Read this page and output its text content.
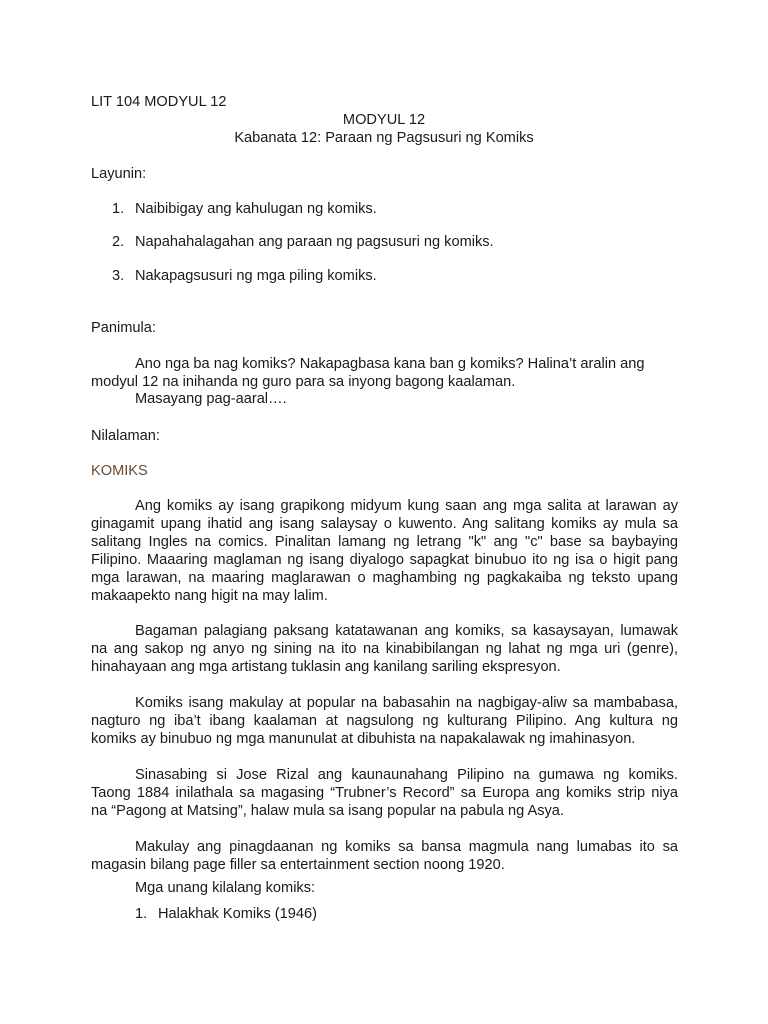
LIT 104 MODYUL 12
MODYUL 12
Kabanata 12: Paraan ng Pagsusuri ng Komiks
Layunin:
1. Naibibigay ang kahulugan ng komiks.
2. Napahahalagahan ang paraan ng pagsusuri ng komiks.
3. Nakapagsusuri ng mga piling komiks.
Panimula:
Ano nga ba nag komiks? Nakapagbasa kana ban g komiks? Halina’t aralin ang
modyul 12 na inihanda ng guro para sa inyong bagong kaalaman.
Masayang pag-aaral….
Nilalaman:
KOMIKS
Ang komiks ay isang grapikong midyum kung saan ang mga salita at larawan ay
ginagamit upang ihatid ang isang salaysay o kuwento. Ang salitang komiks ay mula sa
salitang Ingles na comics. Pinalitan lamang ng letrang "k" ang "c" base sa baybaying
Filipino. Maaaring maglaman ng isang diyalogo sapagkat binubuo ito ng isa o higit pang
mga larawan, na maaring maglarawan o maghambing ng pagkakaiba ng teksto upang
makaapekto nang higit na may lalim.
Bagaman palagiang paksang katatawanan ang komiks, sa kasaysayan, lumawak
na ang sakop ng anyo ng sining na ito na kinabibilangan ng lahat ng mga uri (genre),
hinahayaan ang mga artistang tuklasin ang kanilang sariling ekspresyon.
Komiks isang makulay at popular na babasahin na nagbigay-aliw sa mambabasa,
nagturo ng iba’t ibang kaalaman at nagsulong ng kulturang Pilipino. Ang kultura ng
komiks ay binubuo ng mga manunulat at dibuhista na napakalawak ng imahinasyon.
Sinasabing si Jose Rizal ang kaunaunahang Pilipino na gumawa ng komiks.
Taong 1884 inilathala sa magasing “Trubner’s Record” sa Europa ang komiks strip niya
na “Pagong at Matsing”, halaw mula sa isang popular na pabula ng Asya.
Makulay ang pinagdaanan ng komiks sa bansa magmula nang lumabas ito sa
magasin bilang page filler sa entertainment section noong 1920.
Mga unang kilalang komiks:
1. Halakhak Komiks (1946)
